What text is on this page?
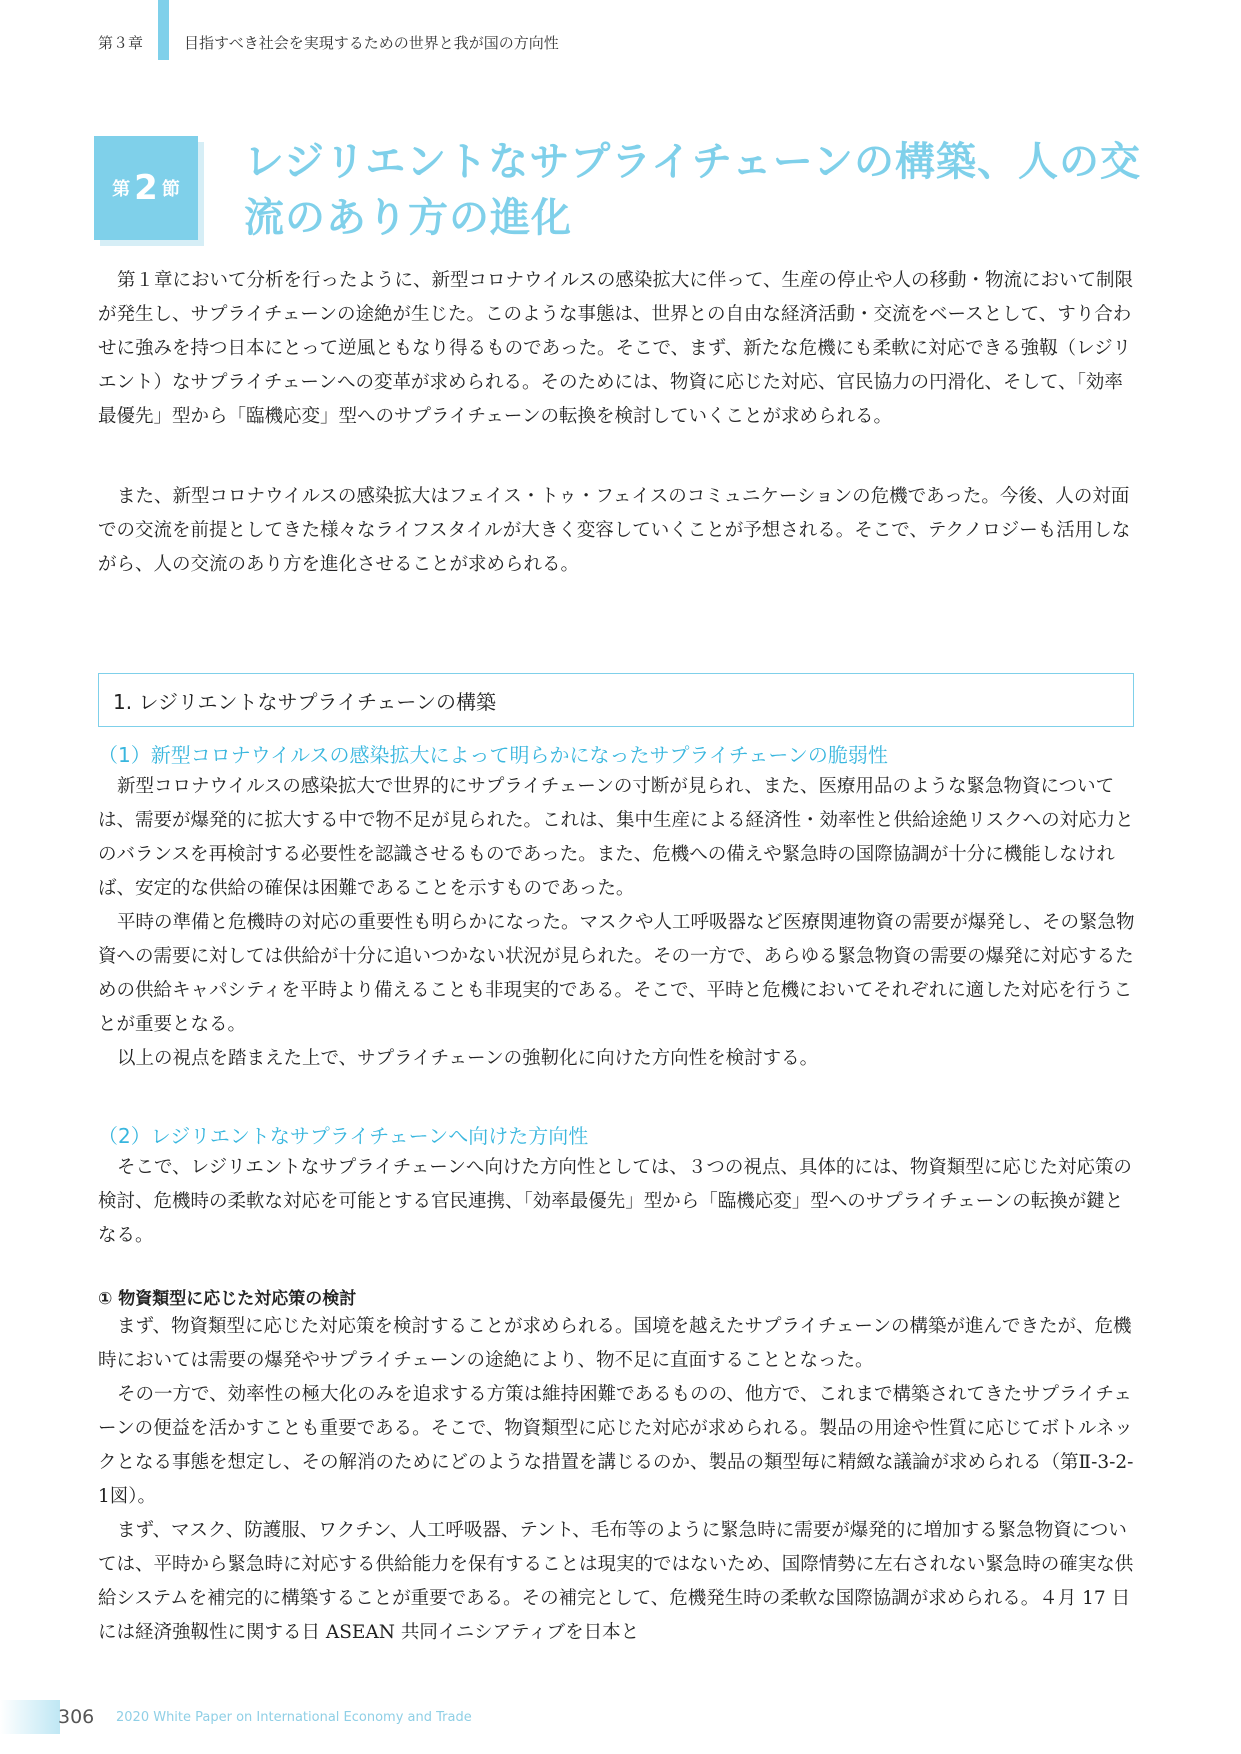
第３章	目指すべき社会を実現するための世界と我が国の方向性
第 2 節
レジリエントなサプライチェーンの構築、人の交流のあり方の進化

第１章において分析を行ったように、新型コロナウイルスの感染拡大に伴って、生産の停止や人の移動・物流において制限が発生し、サプライチェーンの途絶が生じた。このような事態は、世界との自由な経済活動・交流をベースとして、すり合わせに強みを持つ日本にとって逆風ともなり得るものであった。そこで、まず、新たな危機にも柔軟に対応できる強靱（レジリエント）なサプライチェーンへの変革が求められる。そのためには、物資に応じた対応、官民協力の円滑化、そして、「効率最優先」型から「臨機応変」型へのサプライチェーンの転換を検討していくことが求められる。

また、新型コロナウイルスの感染拡大はフェイス・トゥ・フェイスのコミュニケーションの危機であった。今後、人の対面での交流を前提としてきた様々なライフスタイルが大きく変容していくことが予想される。そこで、テクノロジーも活用しながら、人の交流のあり方を進化させることが求められる。

1. レジリエントなサプライチェーンの構築
（1）新型コロナウイルスの感染拡大によって明らかになったサプライチェーンの脆弱性

新型コロナウイルスの感染拡大で世界的にサプライチェーンの寸断が見られ、また、医療用品のような緊急物資については、需要が爆発的に拡大する中で物不足が見られた。これは、集中生産による経済性・効率性と供給途絶リスクへの対応力とのバランスを再検討する必要性を認識させるものであった。また、危機への備えや緊急時の国際協調が十分に機能しなければ、安定的な供給の確保は困難であることを示すものであった。

平時の準備と危機時の対応の重要性も明らかになった。マスクや人工呼吸器など医療関連物資の需要が爆発し、その緊急物資への需要に対しては供給が十分に追いつかない状況が見られた。その一方で、あらゆる緊急物資の需要の爆発に対応するための供給キャパシティを平時より備えることも非現実的である。そこで、平時と危機においてそれぞれに適した対応を行うことが重要となる。

以上の視点を踏まえた上で、サプライチェーンの強靭化に向けた方向性を検討する。

（2）レジリエントなサプライチェーンへ向けた方向性

そこで、レジリエントなサプライチェーンへ向けた方向性としては、３つの視点、具体的には、物資類型に応じた対応策の検討、危機時の柔軟な対応を可能とする官民連携、「効率最優先」型から「臨機応変」型へのサプライチェーンの転換が鍵となる。

① 物資類型に応じた対応策の検討

まず、物資類型に応じた対応策を検討することが求められる。国境を越えたサプライチェーンの構築が進んできたが、危機時においては需要の爆発やサプライチェーンの途絶により、物不足に直面することとなった。

その一方で、効率性の極大化のみを追求する方策は維持困難であるものの、他方で、これまで構築されてきたサプライチェーンの便益を活かすことも重要である。そこで、物資類型に応じた対応が求められる。製品の用途や性質に応じてボトルネックとなる事態を想定し、その解消のためにどのような措置を講じるのか、製品の類型毎に精緻な議論が求められる（第Ⅱ-3-2-1図）。

まず、マスク、防護服、ワクチン、人工呼吸器、テント、毛布等のように緊急時に需要が爆発的に増加する緊急物資については、平時から緊急時に対応する供給能力を保有することは現実的ではないため、国際情勢に左右されない緊急時の確実な供給システムを補完的に構築することが重要である。その補完として、危機発生時の柔軟な国際協調が求められる。４月 17 日には経済強靱性に関する日 ASEAN 共同イニシアティブを日本と

306 2020 White Paper on International Economy and Trade
